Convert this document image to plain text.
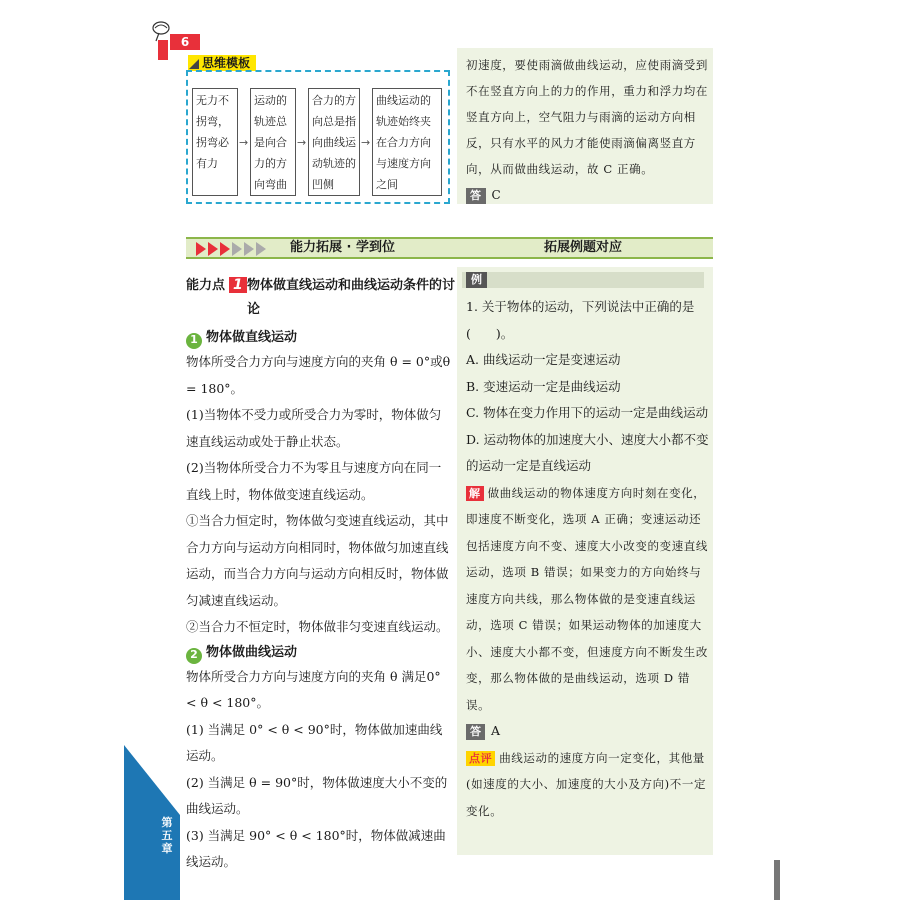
6
思维模板
无力不拐弯，拐弯必有力
→
运动的轨迹总是向合力的方向弯曲
→
合力的方向总是指向曲线运动轨迹的凹侧
→
曲线运动的轨迹始终夹在合力方向与速度方向之间
初速度，要使雨滴做曲线运动，应使雨滴受到不在竖直方向上的力的作用，重力和浮力均在竖直方向上，空气阻力与雨滴的运动方向相反，只有水平的风力才能使雨滴偏离竖直方向，从而做曲线运动，故 C 正确。
答 C
能力拓展 · 学到位	拓展例题对应
能力点 1 物体做直线运动和曲线运动条件的讨论
1 物体做直线运动
物体所受合力方向与速度方向的夹角 θ = 0°或θ = 180°。
(1)当物体不受力或所受合力为零时，物体做匀速直线运动或处于静止状态。
(2)当物体所受合力不为零且与速度方向在同一直线上时，物体做变速直线运动。
①当合力恒定时，物体做匀变速直线运动，其中合力方向与运动方向相同时，物体做匀加速直线运动，而当合力方向与运动方向相反时，物体做匀减速直线运动。
②当合力不恒定时，物体做非匀变速直线运动。
2 物体做曲线运动
物体所受合力方向与速度方向的夹角 θ 满足0° < θ < 180°。
(1) 当满足 0° < θ < 90°时，物体做加速曲线运动。
(2) 当满足 θ = 90°时，物体做速度大小不变的曲线运动。
(3) 当满足 90° < θ < 180°时，物体做减速曲线运动。
例
1. 关于物体的运动，下列说法中正确的是(　　)。
A. 曲线运动一定是变速运动
B. 变速运动一定是曲线运动
C. 物体在变力作用下的运动一定是曲线运动
D. 运动物体的加速度大小、速度大小都不变的运动一定是直线运动
解 做曲线运动的物体速度方向时刻在变化，即速度不断变化，选项 A 正确；变速运动还包括速度方向不变、速度大小改变的变速直线运动，选项 B 错误；如果变力的方向始终与速度方向共线，那么物体做的是变速直线运动，选项 C 错误；如果运动物体的加速度大小、速度大小都不变，但速度方向不断发生改变，那么物体做的是曲线运动，选项 D 错误。
答 A
点评 曲线运动的速度方向一定变化，其他量(如速度的大小、加速度的大小及方向)不一定变化。
第五章
